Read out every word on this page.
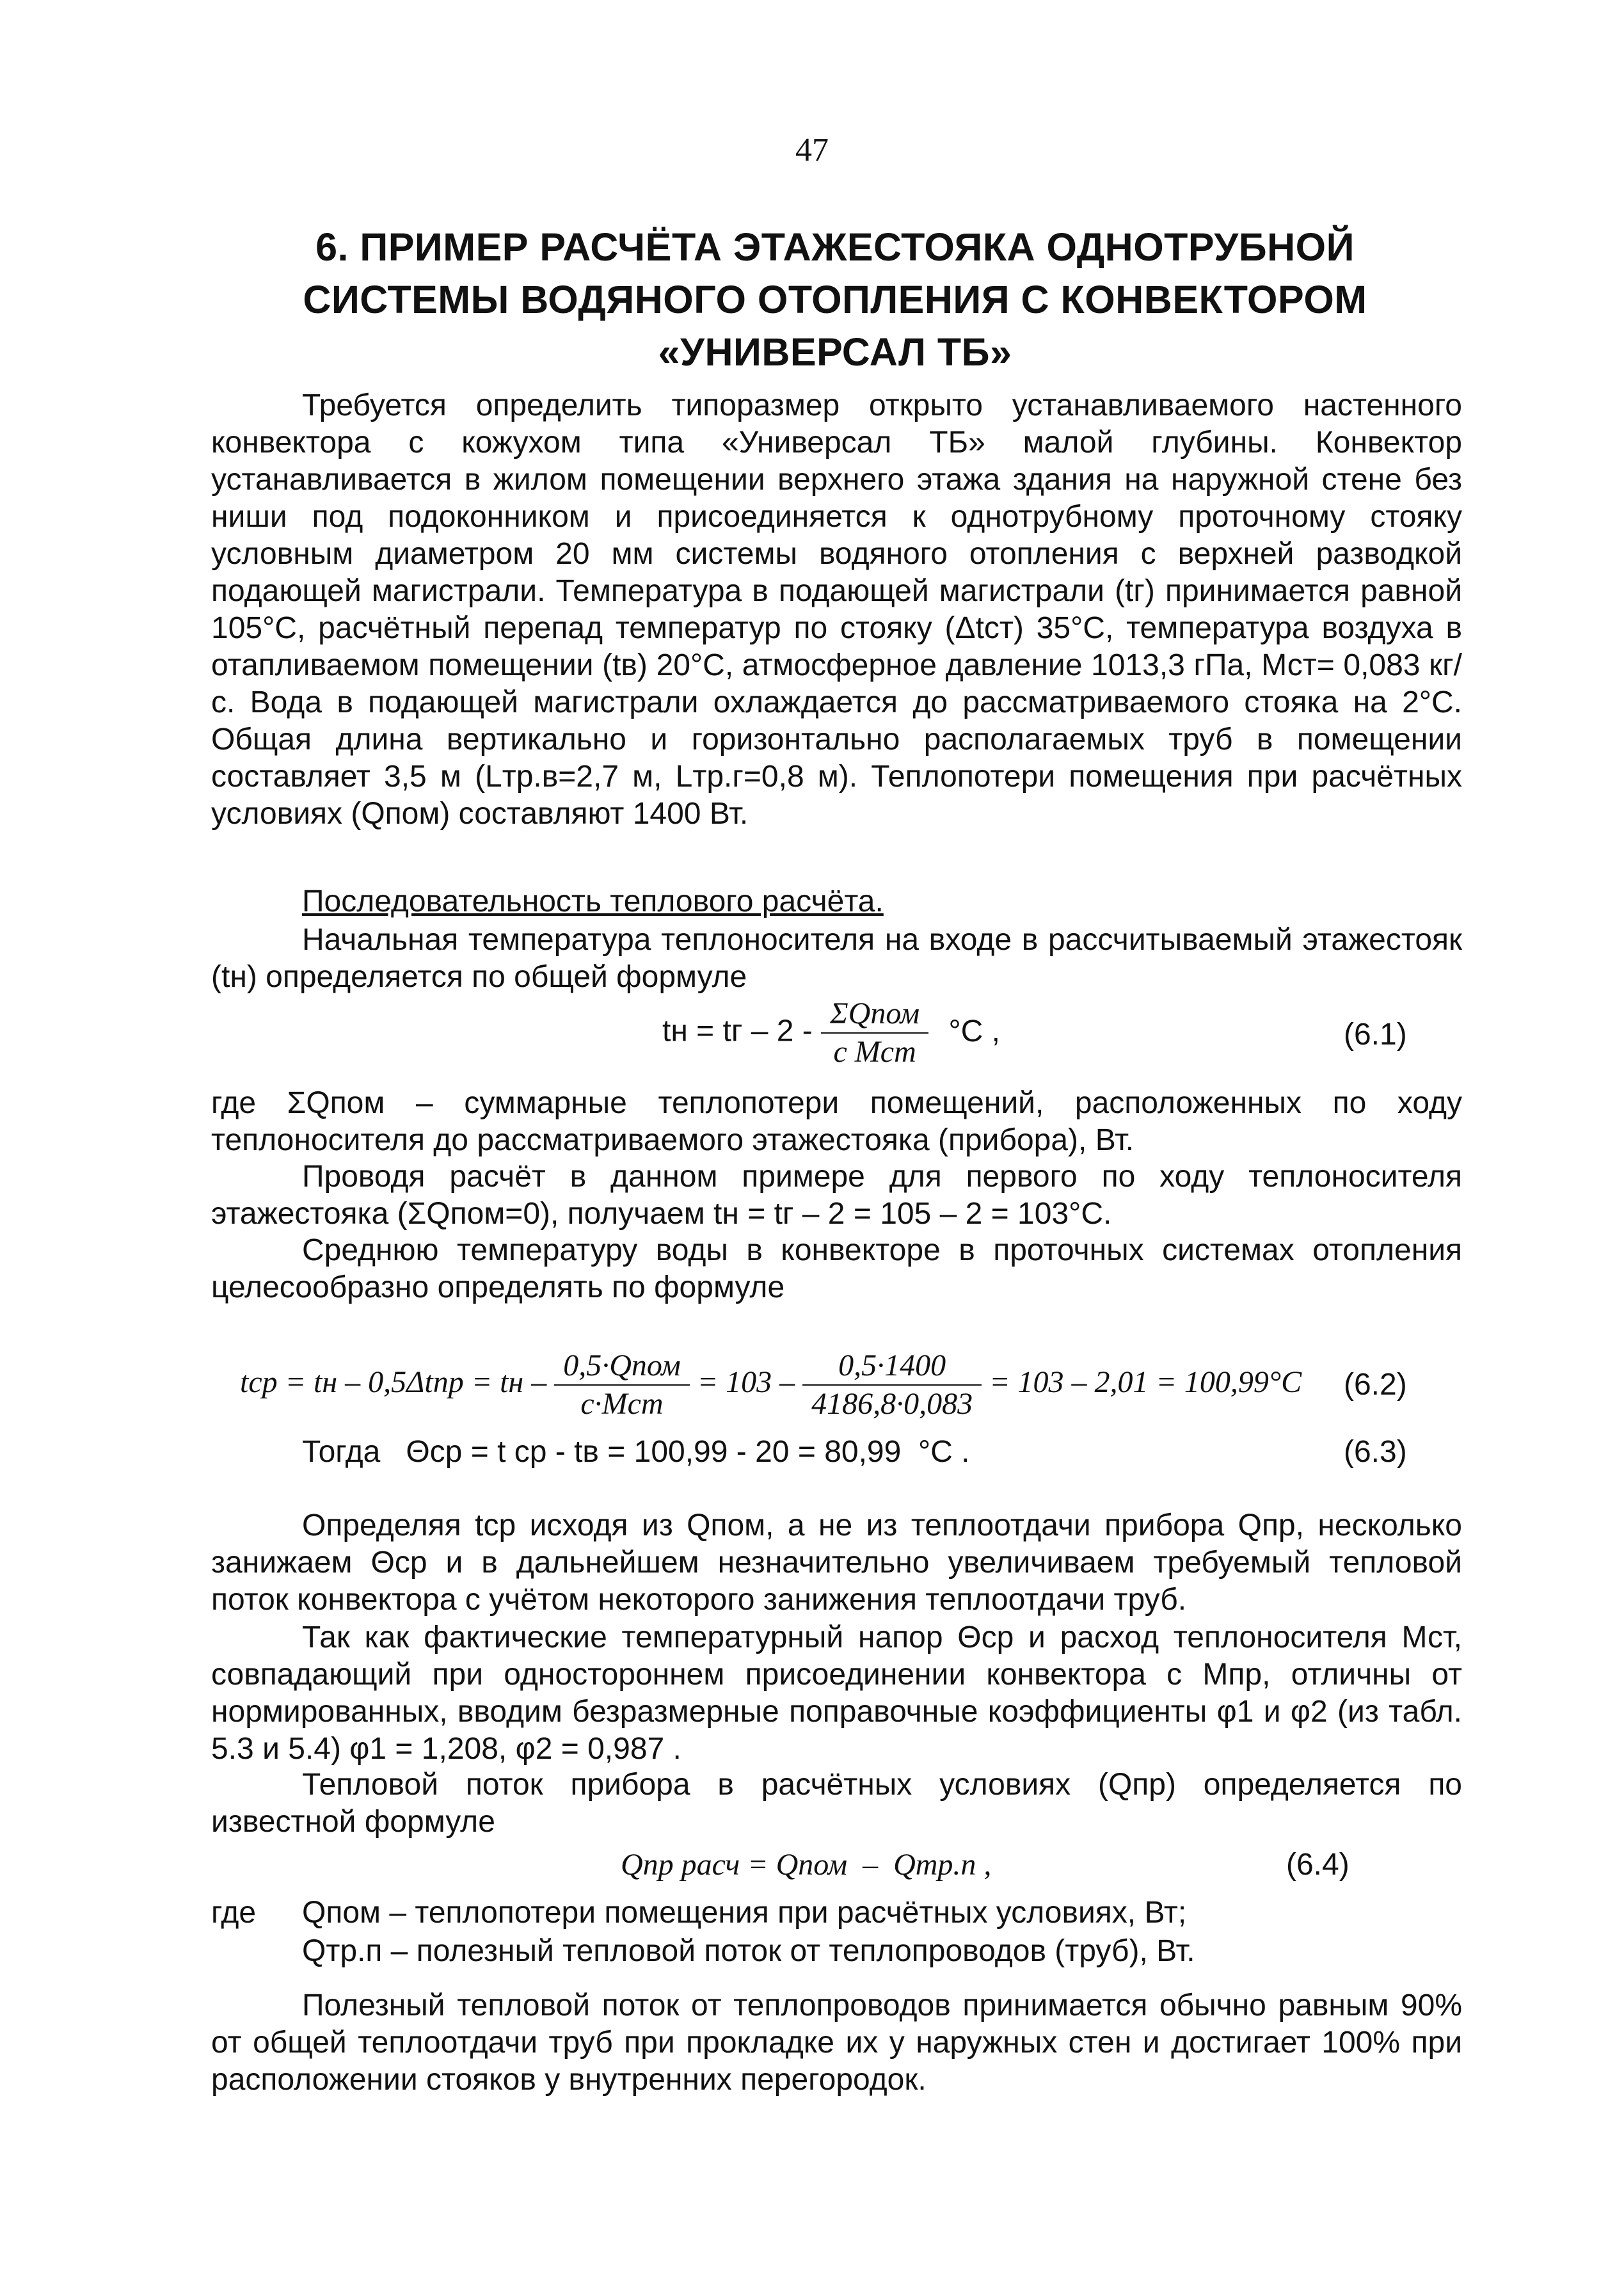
47
6. ПРИМЕР РАСЧЁТА ЭТАЖЕСТОЯКА ОДНОТРУБНОЙ
СИСТЕМЫ ВОДЯНОГО ОТОПЛЕНИЯ С КОНВЕКТОРОМ
«УНИВЕРСАЛ ТБ»
Требуется определить типоразмер открыто устанавливаемого настенного конвектора с кожухом типа «Универсал ТБ» малой глубины. Конвектор устанавливается в жилом помещении верхнего этажа здания на наружной стене без ниши под подоконником и присоединяется к однотрубному проточному стояку условным диаметром 20 мм системы водяного отопления с верхней разводкой подающей магистрали. Температура в подающей магистрали (tг) принимается равной 105°С, расчётный перепад температур по стояку (Δtст) 35°С, температура воздуха в отапливаемом помещении (tв) 20°С, атмосферное давление 1013,3 гПа, Мст= 0,083 кг/с. Вода в подающей магистрали охлаждается до рассматриваемого стояка на 2°С. Общая длина вертикально и горизонтально располагаемых труб в помещении составляет 3,5 м (Lтр.в=2,7 м, Lтр.г=0,8 м). Теплопотери помещения при расчётных условиях (Qпом) составляют 1400 Вт.
Последовательность теплового расчёта.
Начальная температура теплоносителя на входе в рассчитываемый этажестояк (tн) определяется по общей формуле
tн = tг – $2 - \frac{\text{ΣQпом}}{\text{c Mст}} ^\circ C$ ,	(6.1)
где ΣQпом – суммарные теплопотери помещений, расположенных по ходу теплоносителя до рассматриваемого этажестояка (прибора), Вт.
Проводя расчёт в данном примере для первого по ходу теплоносителя этажестояка (ΣQпом=0), получаем tн = tг – 2 = 105 – 2 = 103°С.
Среднюю температуру воды в конвекторе в проточных системах отопления целесообразно определять по формуле
tср = tн – 0,5Δtпр = tн – $\frac{\text{0,5·Qпом}}{\text{c·Mст}} = 103 - \frac{0,5\cdot 1400}{4186,8\cdot 0,083} = 103 - 2,01 = 100,99^\circ C$ (6.2)
Тогда   Θср = t ср - tв = 100,99 - 20 = 80,99  °C .	(6.3)
Определяя tср исходя из Qпом, а не из теплоотдачи прибора Qпр, несколько занижаем Θср и в дальнейшем незначительно увеличиваем требуемый тепловой поток конвектора с учётом некоторого занижения теплоотдачи труб.
Так как фактические температурный напор Θср и расход теплоносителя Мст, совпадающий при одностороннем присоединении конвектора с Мпр, отличны от нормированных, вводим безразмерные поправочные коэффициенты φ1 и φ2 (из табл. 5.3 и 5.4) φ1 = 1,208, φ2 = 0,987 .
Тепловой поток прибора в расчётных условиях (Qпр) определяется по известной формуле
Qпр расч = Qпом  –  Qтр.п ,	(6.4)
где Qпом – теплопотери помещения при расчётных условиях, Вт;
Qтр.п – полезный тепловой поток от теплопроводов (труб), Вт.
Полезный тепловой поток от теплопроводов принимается обычно равным 90% от общей теплоотдачи труб при прокладке их у наружных стен и достигает 100% при расположении стояков у внутренних перегородок.
